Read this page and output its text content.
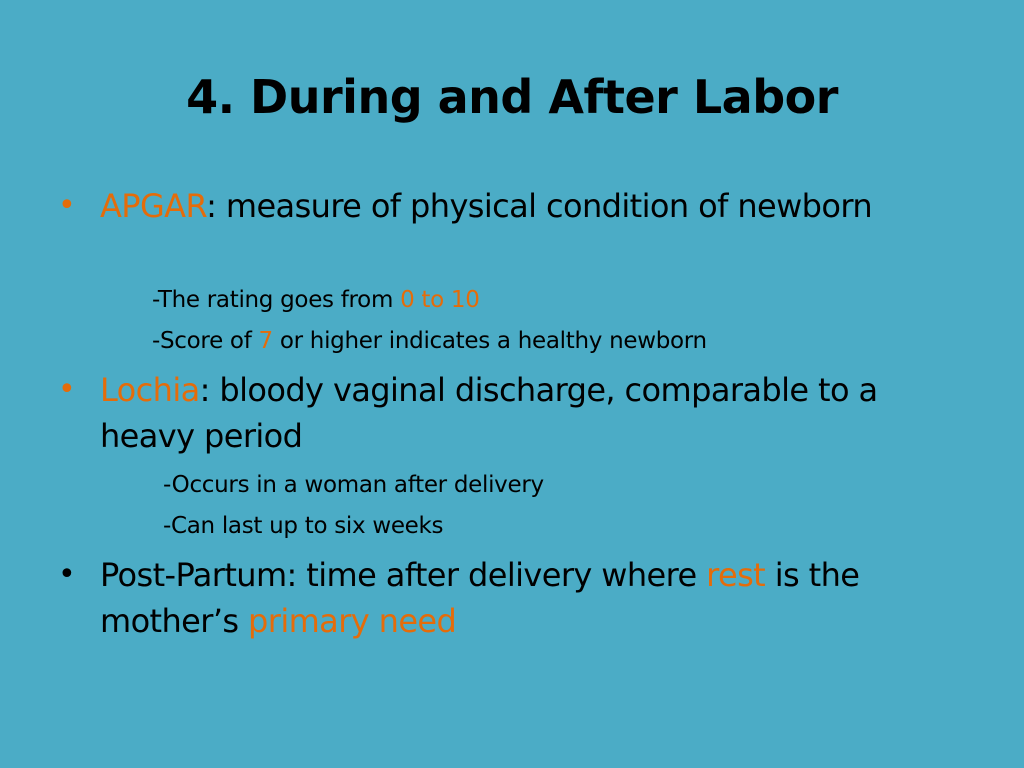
4. During and After Labor
• APGAR: measure of physical condition of newborn
-The rating goes from 0 to 10
-Score of 7 or higher indicates a healthy newborn
• Lochia: bloody vaginal discharge, comparable to a heavy period
-Occurs in a woman after delivery
-Can last up to six weeks
• Post-Partum: time after delivery where rest is the mother’s primary need
